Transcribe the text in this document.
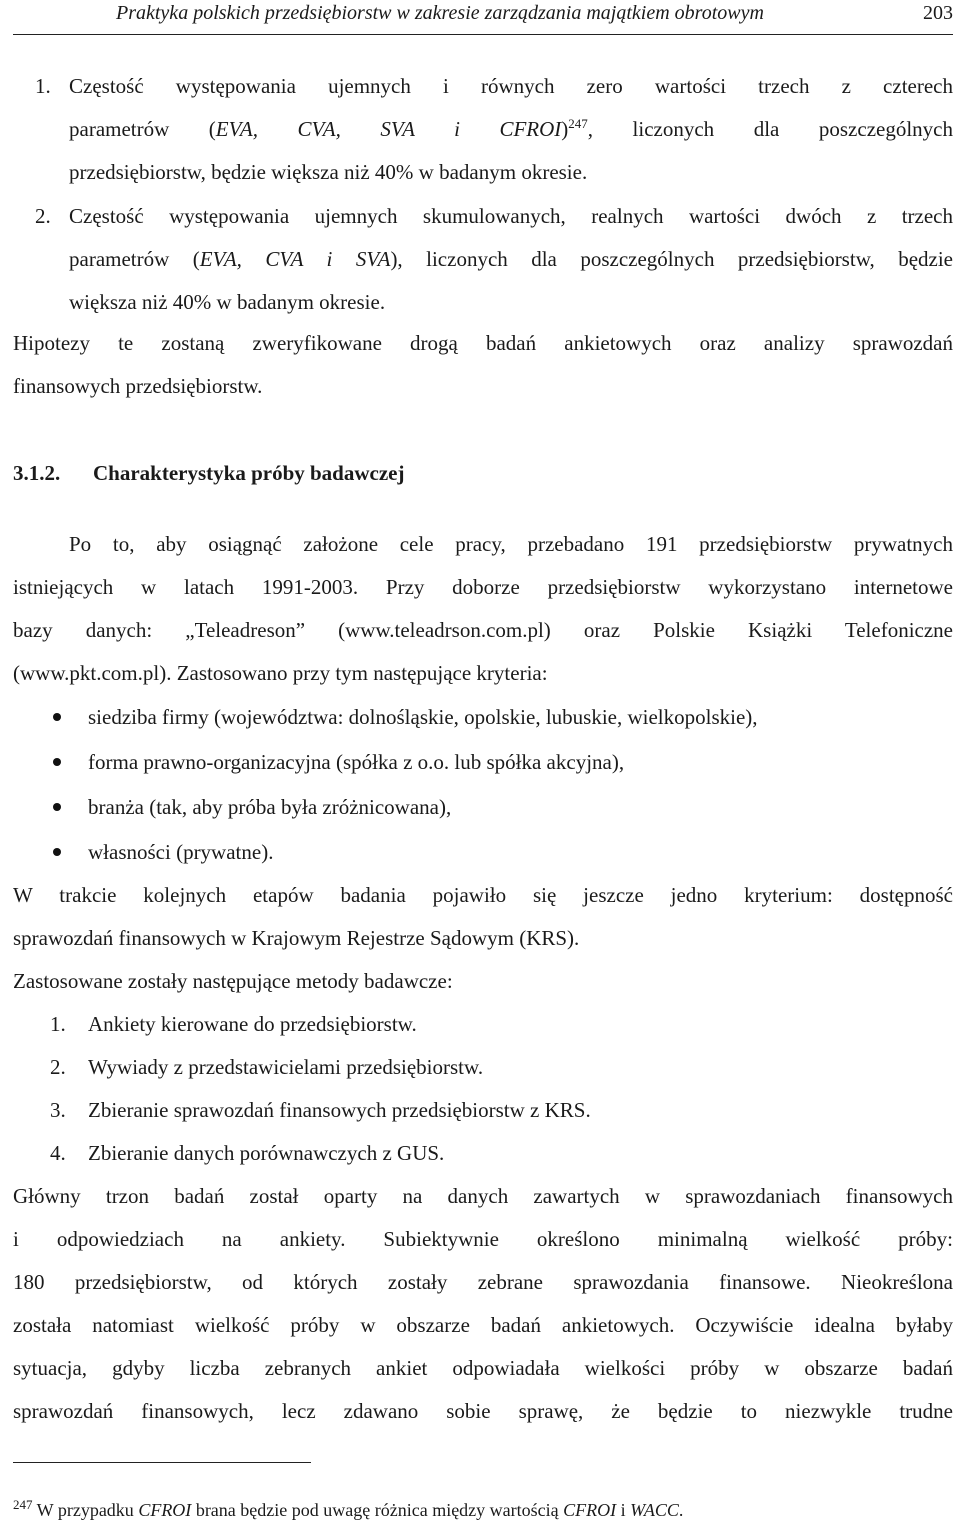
Praktyka polskich przedsiębiorstw w zakresie zarządzania majątkiem obrotowym	203
1. Częstość występowania ujemnych i równych zero wartości trzech z czterech
parametrów (EVA, CVA, SVA i CFROI)$^{247}$, liczonych dla poszczególnych
przedsiębiorstw, będzie większa niż 40% w badanym okresie.
2. Częstość występowania ujemnych skumulowanych, realnych wartości dwóch z trzech
parametrów (EVA, CVA i SVA), liczonych dla poszczególnych przedsiębiorstw, będzie
większa niż 40% w badanym okresie.
Hipotezy te zostaną zweryfikowane drogą badań ankietowych oraz analizy sprawozdań
finansowych przedsiębiorstw.
3.1.2. Charakterystyka próby badawczej
Po to, aby osiągnąć założone cele pracy, przebadano 191 przedsiębiorstw prywatnych
istniejących w latach 1991-2003. Przy doborze przedsiębiorstw wykorzystano internetowe
bazy danych: „Teleadreson” (www.teleadrson.com.pl) oraz Polskie Książki Telefoniczne
(www.pkt.com.pl). Zastosowano przy tym następujące kryteria:
siedziba firmy (województwa: dolnośląskie, opolskie, lubuskie, wielkopolskie),
forma prawno-organizacyjna (spółka z o.o. lub spółka akcyjna),
branża (tak, aby próba była zróżnicowana),
własności (prywatne).
W trakcie kolejnych etapów badania pojawiło się jeszcze jedno kryterium: dostępność
sprawozdań finansowych w Krajowym Rejestrze Sądowym (KRS).
Zastosowane zostały następujące metody badawcze:
1. Ankiety kierowane do przedsiębiorstw.
2. Wywiady z przedstawicielami przedsiębiorstw.
3. Zbieranie sprawozdań finansowych przedsiębiorstw z KRS.
4. Zbieranie danych porównawczych z GUS.
Główny trzon badań został oparty na danych zawartych w sprawozdaniach finansowych
i odpowiedziach na ankiety. Subiektywnie określono minimalną wielkość próby:
180 przedsiębiorstw, od których zostały zebrane sprawozdania finansowe. Nieokreślona
została natomiast wielkość próby w obszarze badań ankietowych. Oczywiście idealna byłaby
sytuacja, gdyby liczba zebranych ankiet odpowiadała wielkości próby w obszarze badań
sprawozdań finansowych, lecz zdawano sobie sprawę, że będzie to niezwykle trudne
$^{247}$ W przypadku CFROI brana będzie pod uwagę różnica między wartością CFROI i WACC.
